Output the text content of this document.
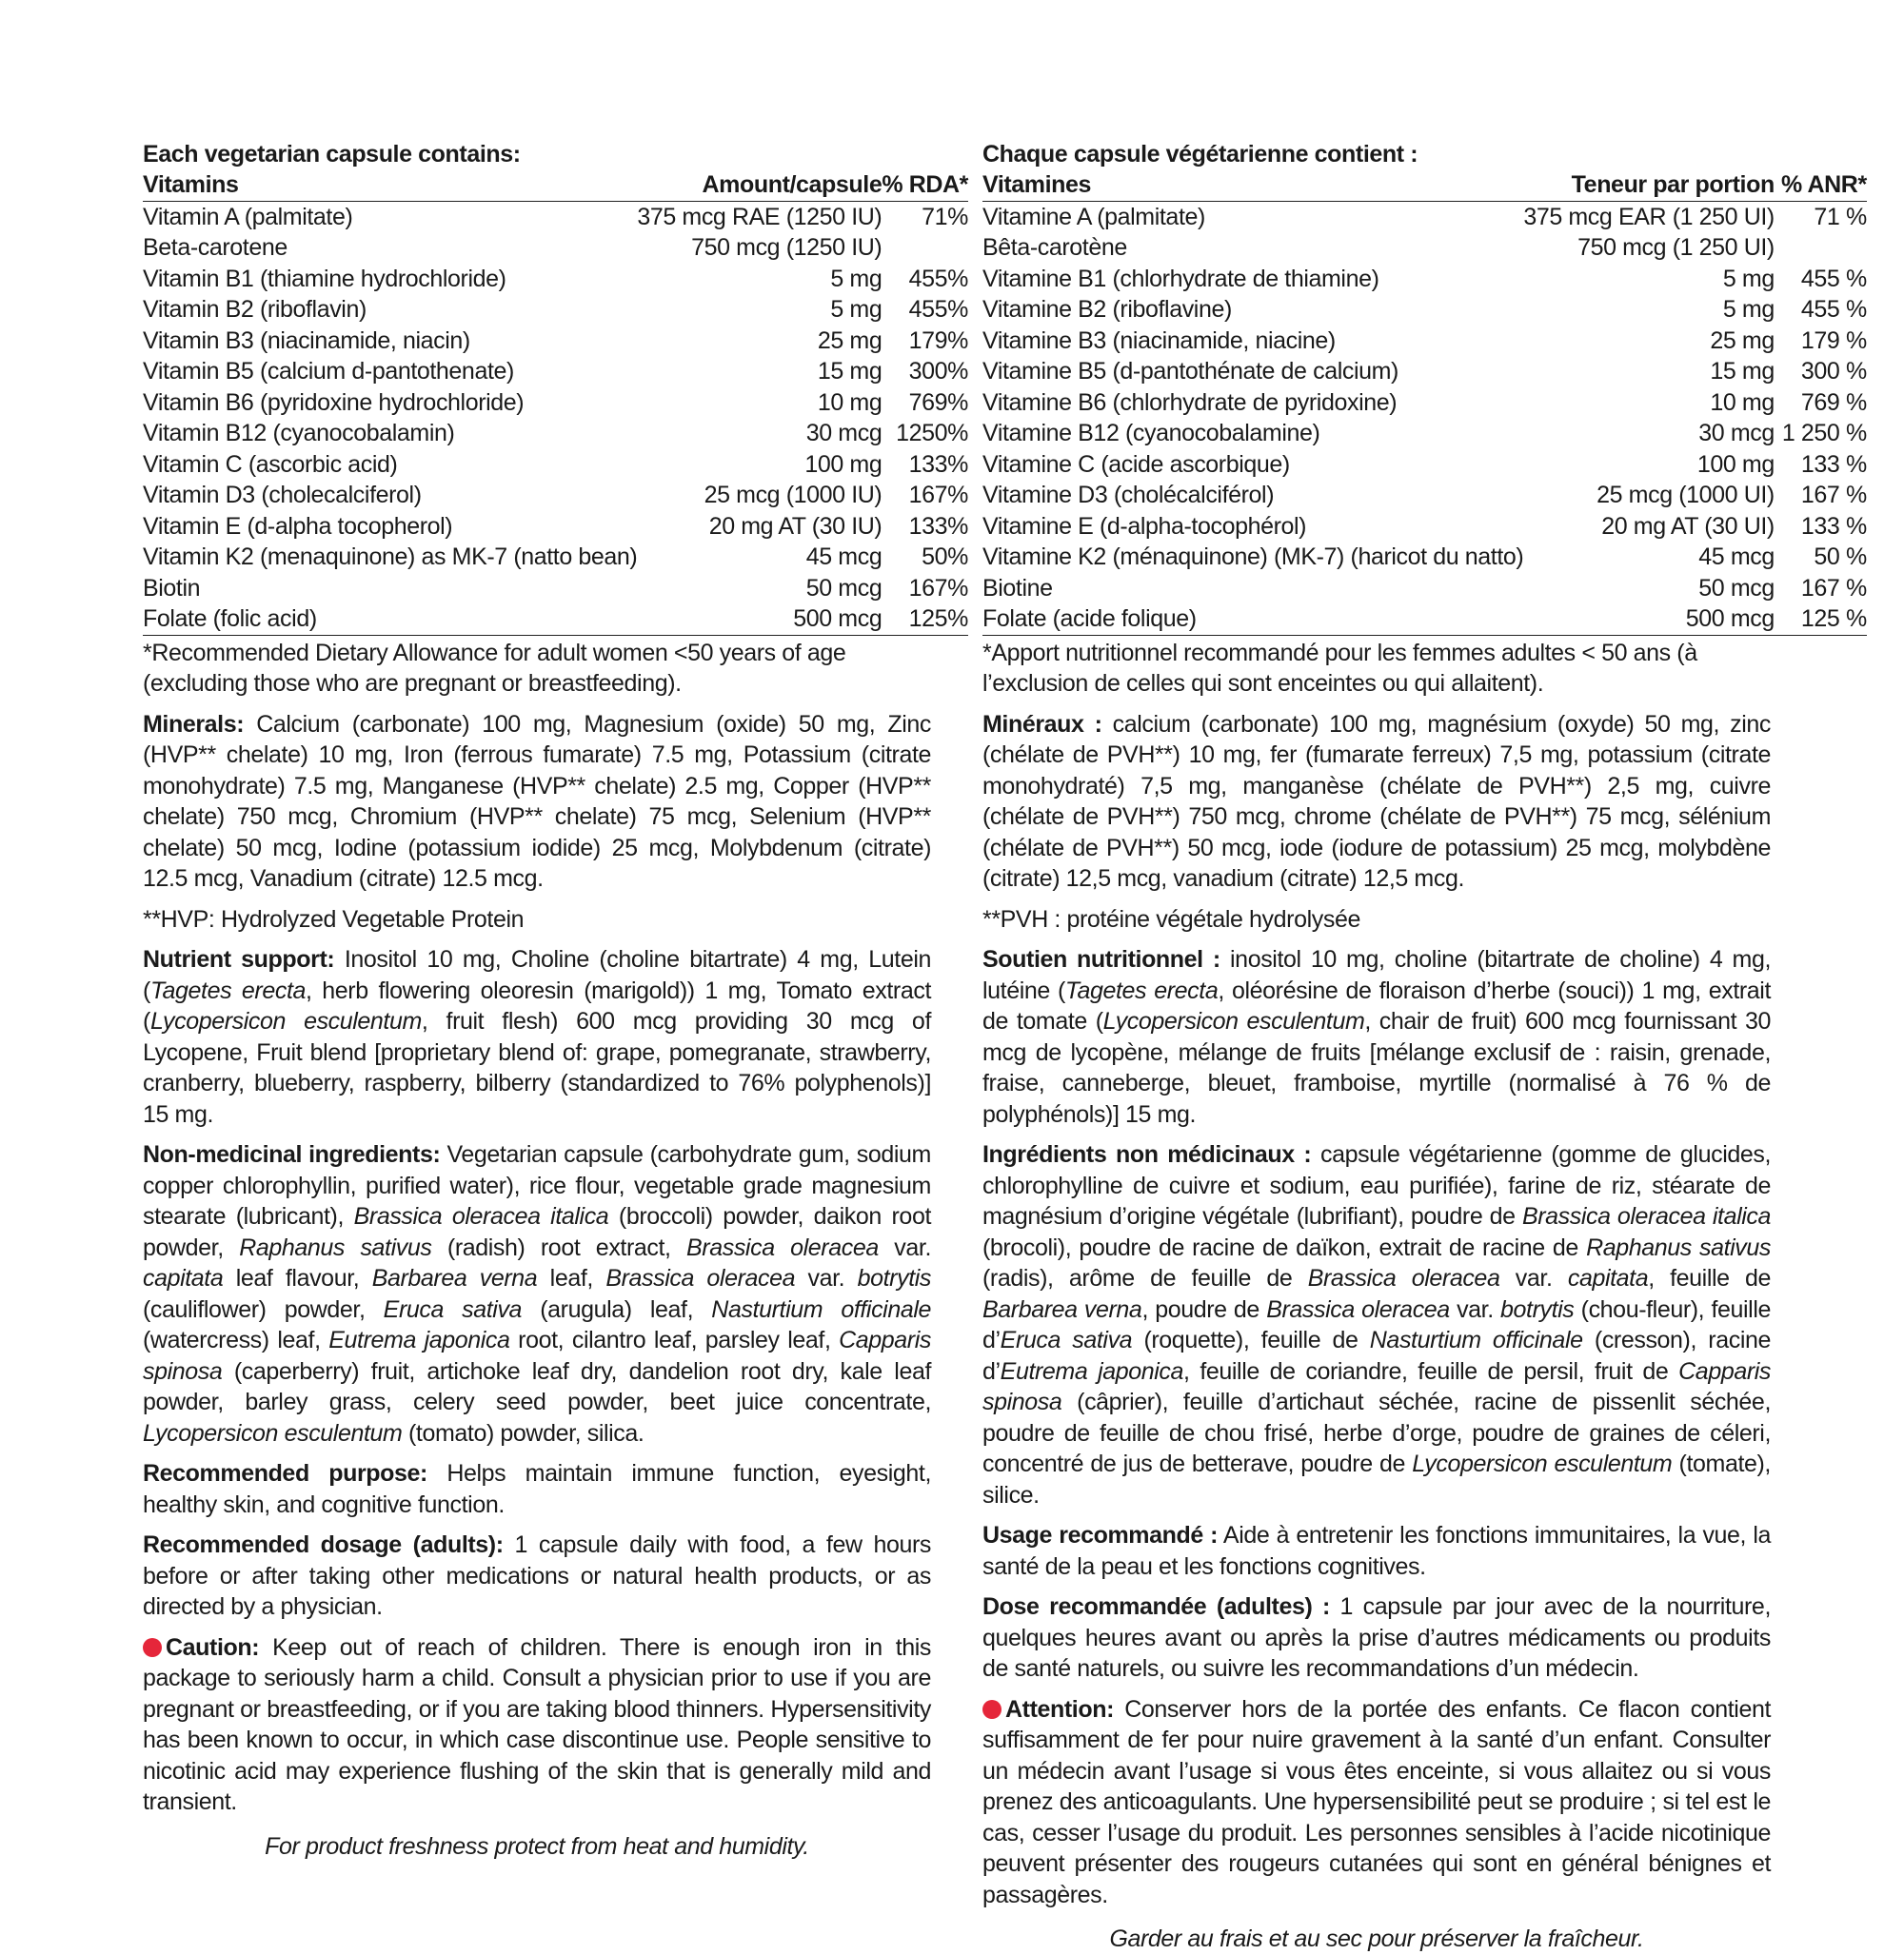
Each vegetarian capsule contains:
Vitamins	Amount/capsule	% RDA*
Vitamin A (palmitate)	375 mcg RAE (1250 IU)	71%
Beta-carotene	750 mcg (1250 IU)	
Vitamin B1 (thiamine hydrochloride)	5 mg	455%
Vitamin B2 (riboflavin)	5 mg	455%
Vitamin B3 (niacinamide, niacin)	25 mg	179%
Vitamin B5 (calcium d-pantothenate)	15 mg	300%
Vitamin B6 (pyridoxine hydrochloride)	10 mg	769%
Vitamin B12 (cyanocobalamin)	30 mcg	1250%
Vitamin C (ascorbic acid)	100 mg	133%
Vitamin D3 (cholecalciferol)	25 mcg (1000 IU)	167%
Vitamin E (d-alpha tocopherol)	20 mg AT (30 IU)	133%
Vitamin K2 (menaquinone) as MK-7 (natto bean)	45 mcg	50%
Biotin	50 mcg	167%
Folate (folic acid)	500 mcg	125%

*Recommended Dietary Allowance for adult women <50 years of age (excluding those who are pregnant or breastfeeding).

Minerals: Calcium (carbonate) 100 mg, Magnesium (oxide) 50 mg, Zinc (HVP** chelate) 10 mg, Iron (ferrous fumarate) 7.5 mg, Potassium (citrate monohydrate) 7.5 mg, Manganese (HVP** chelate) 2.5 mg, Copper (HVP** chelate) 750 mcg, Chromium (HVP** chelate) 75 mcg, Selenium (HVP** chelate) 50 mcg, Iodine (potassium iodide) 25 mcg, Molybdenum (citrate) 12.5 mcg, Vanadium (citrate) 12.5 mcg.

**HVP: Hydrolyzed Vegetable Protein

Nutrient support: Inositol 10 mg, Choline (choline bitartrate) 4 mg, Lutein (Tagetes erecta, herb flowering oleoresin (marigold)) 1 mg, Tomato extract (Lycopersicon esculentum, fruit flesh) 600 mcg providing 30 mcg of Lycopene, Fruit blend [proprietary blend of: grape, pomegranate, strawberry, cranberry, blueberry, raspberry, bilberry (standardized to 76% polyphenols)] 15 mg.

Non-medicinal ingredients: Vegetarian capsule (carbohydrate gum, sodium copper chlorophyllin, purified water), rice flour, vegetable grade magnesium stearate (lubricant), Brassica oleracea italica (broccoli) powder, daikon root powder, Raphanus sativus (radish) root extract, Brassica oleracea var. capitata leaf flavour, Barbarea verna leaf, Brassica oleracea var. botrytis (cauliflower) powder, Eruca sativa (arugula) leaf, Nasturtium officinale (watercress) leaf, Eutrema japonica root, cilantro leaf, parsley leaf, Capparis spinosa (caperberry) fruit, artichoke leaf dry, dandelion root dry, kale leaf powder, barley grass, celery seed powder, beet juice concentrate, Lycopersicon esculentum (tomato) powder, silica.

Recommended purpose: Helps maintain immune function, eyesight, healthy skin, and cognitive function.

Recommended dosage (adults): 1 capsule daily with food, a few hours before or after taking other medications or natural health products, or as directed by a physician.

Caution: Keep out of reach of children. There is enough iron in this package to seriously harm a child. Consult a physician prior to use if you are pregnant or breastfeeding, or if you are taking blood thinners. Hypersensitivity has been known to occur, in which case discontinue use. People sensitive to nicotinic acid may experience flushing of the skin that is generally mild and transient.

For product freshness protect from heat and humidity.

Chaque capsule végétarienne contient :
Vitamines	Teneur par portion	% ANR*
Vitamine A (palmitate)	375 mcg EAR (1 250 UI)	71 %
Bêta-carotène	750 mcg (1 250 UI)	
Vitamine B1 (chlorhydrate de thiamine)	5 mg	455 %
Vitamine B2 (riboflavine)	5 mg	455 %
Vitamine B3 (niacinamide, niacine)	25 mg	179 %
Vitamine B5 (d-pantothénate de calcium)	15 mg	300 %
Vitamine B6 (chlorhydrate de pyridoxine)	10 mg	769 %
Vitamine B12 (cyanocobalamine)	30 mcg	1 250 %
Vitamine C (acide ascorbique)	100 mg	133 %
Vitamine D3 (cholécalciférol)	25 mcg (1000 UI)	167 %
Vitamine E (d-alpha-tocophérol)	20 mg AT (30 UI)	133 %
Vitamine K2 (ménaquinone) (MK-7) (haricot du natto)	45 mcg	50 %
Biotine	50 mcg	167 %
Folate (acide folique)	500 mcg	125 %

*Apport nutritionnel recommandé pour les femmes adultes < 50 ans (à l’exclusion de celles qui sont enceintes ou qui allaitent).

Minéraux : calcium (carbonate) 100 mg, magnésium (oxyde) 50 mg, zinc (chélate de PVH**) 10 mg, fer (fumarate ferreux) 7,5 mg, potassium (citrate monohydraté) 7,5 mg, manganèse (chélate de PVH**) 2,5 mg, cuivre (chélate de PVH**) 750 mcg, chrome (chélate de PVH**) 75 mcg, sélénium (chélate de PVH**) 50 mcg, iode (iodure de potassium) 25 mcg, molybdène (citrate) 12,5 mcg, vanadium (citrate) 12,5 mcg.

**PVH : protéine végétale hydrolysée

Soutien nutritionnel : inositol 10 mg, choline (bitartrate de choline) 4 mg, lutéine (Tagetes erecta, oléorésine de floraison d’herbe (souci)) 1 mg, extrait de tomate (Lycopersicon esculentum, chair de fruit) 600 mcg fournissant 30 mcg de lycopène, mélange de fruits [mélange exclusif de : raisin, grenade, fraise, canneberge, bleuet, framboise, myrtille (normalisé à 76 % de polyphénols)] 15 mg.

Ingrédients non médicinaux : capsule végétarienne (gomme de glucides, chlorophylline de cuivre et sodium, eau purifiée), farine de riz, stéarate de magnésium d’origine végétale (lubrifiant), poudre de Brassica oleracea italica (brocoli), poudre de racine de daïkon, extrait de racine de Raphanus sativus (radis), arôme de feuille de Brassica oleracea var. capitata, feuille de Barbarea verna, poudre de Brassica oleracea var. botrytis (chou-fleur), feuille d’Eruca sativa (roquette), feuille de Nasturtium officinale (cresson), racine d’Eutrema japonica, feuille de coriandre, feuille de persil, fruit de Capparis spinosa (câprier), feuille d’artichaut séchée, racine de pissenlit séchée, poudre de feuille de chou frisé, herbe d’orge, poudre de graines de céleri, concentré de jus de betterave, poudre de Lycopersicon esculentum (tomate), silice.

Usage recommandé : Aide à entretenir les fonctions immunitaires, la vue, la santé de la peau et les fonctions cognitives.

Dose recommandée (adultes) : 1 capsule par jour avec de la nourriture, quelques heures avant ou après la prise d’autres médicaments ou produits de santé naturels, ou suivre les recommandations d’un médecin.

Attention: Conserver hors de la portée des enfants. Ce flacon contient suffisamment de fer pour nuire gravement à la santé d’un enfant. Consulter un médecin avant l’usage si vous êtes enceinte, si vous allaitez ou si vous prenez des anticoagulants. Une hypersensibilité peut se produire ; si tel est le cas, cesser l’usage du produit. Les personnes sensibles à l’acide nicotinique peuvent présenter des rougeurs cutanées qui sont en général bénignes et passagères.

Garder au frais et au sec pour préserver la fraîcheur.
